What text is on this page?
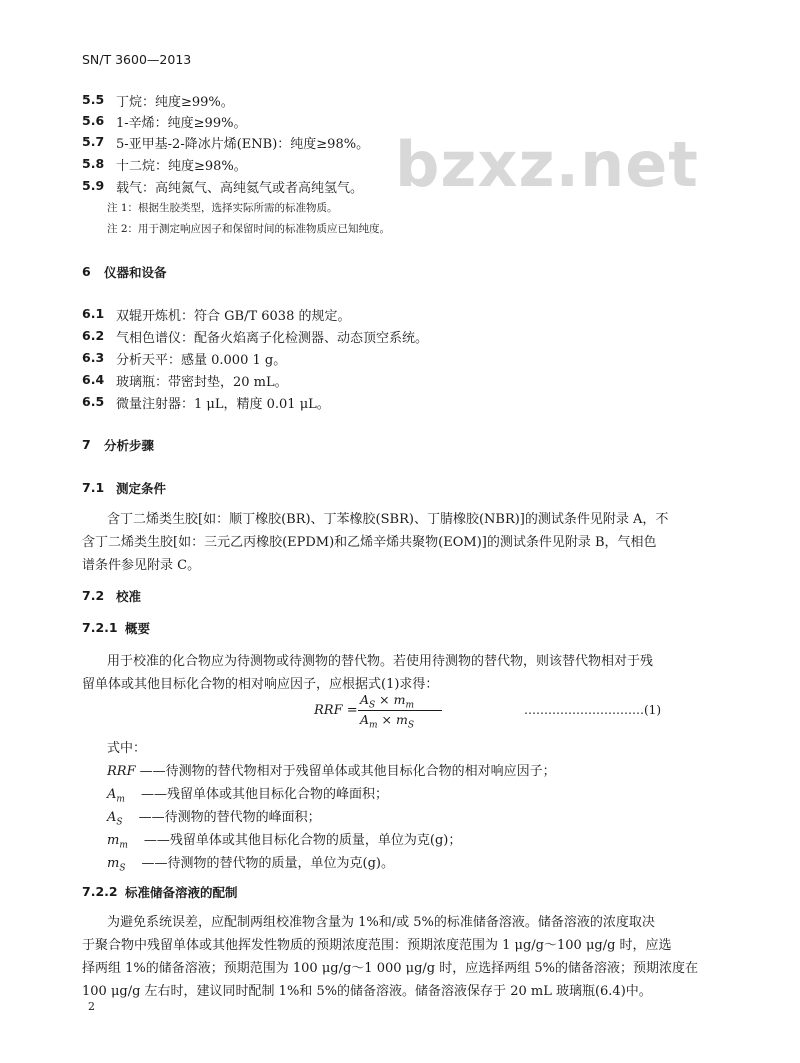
SN/T 3600—2013
bzxz.net
5.5 丁烷：纯度≥99%。
5.6 1-辛烯：纯度≥99%。
5.7 5-亚甲基-2-降冰片烯(ENB)：纯度≥98%。
5.8 十二烷：纯度≥98%。
5.9 载气：高纯氮气、高纯氦气或者高纯氢气。
注 1：根据生胶类型，选择实际所需的标准物质。
注 2：用于测定响应因子和保留时间的标准物质应已知纯度。
6 仪器和设备
6.1 双辊开炼机：符合 GB/T 6038 的规定。
6.2 气相色谱仪：配备火焰离子化检测器、动态顶空系统。
6.3 分析天平：感量 0.000 1 g。
6.4 玻璃瓶：带密封垫，20 mL。
6.5 微量注射器：1 μL，精度 0.01 μL。
7 分析步骤
7.1 测定条件
含丁二烯类生胶[如：顺丁橡胶(BR)、丁苯橡胶(SBR)、丁腈橡胶(NBR)]的测试条件见附录 A，不
含丁二烯类生胶[如：三元乙丙橡胶(EPDM)和乙烯辛烯共聚物(EOM)]的测试条件见附录 B，气相色
谱条件参见附录 C。
7.2 校准
7.2.1 概要
用于校准的化合物应为待测物或待测物的替代物。若使用待测物的替代物，则该替代物相对于残
留单体或其他目标化合物的相对响应因子，应根据式(1)求得：
RRF =
$A_S \times m_m$
$A_m \times m_S$
…………………………(1)
式中：
RRF ——待测物的替代物相对于残留单体或其他目标化合物的相对响应因子；
$A_m$ ——残留单体或其他目标化合物的峰面积；
$A_S$ ——待测物的替代物的峰面积；
$m_m$ ——残留单体或其他目标化合物的质量，单位为克(g)；
$m_S$ ——待测物的替代物的质量，单位为克(g)。
7.2.2 标准储备溶液的配制
为避免系统误差，应配制两组校准物含量为 1%和/或 5%的标准储备溶液。储备溶液的浓度取决
于聚合物中残留单体或其他挥发性物质的预期浓度范围：预期浓度范围为 1 μg/g～100 μg/g 时，应选
择两组 1%的储备溶液；预期范围为 100 μg/g～1 000 μg/g 时，应选择两组 5%的储备溶液；预期浓度在
100 μg/g 左右时，建议同时配制 1%和 5%的储备溶液。储备溶液保存于 20 mL 玻璃瓶(6.4)中。
2
